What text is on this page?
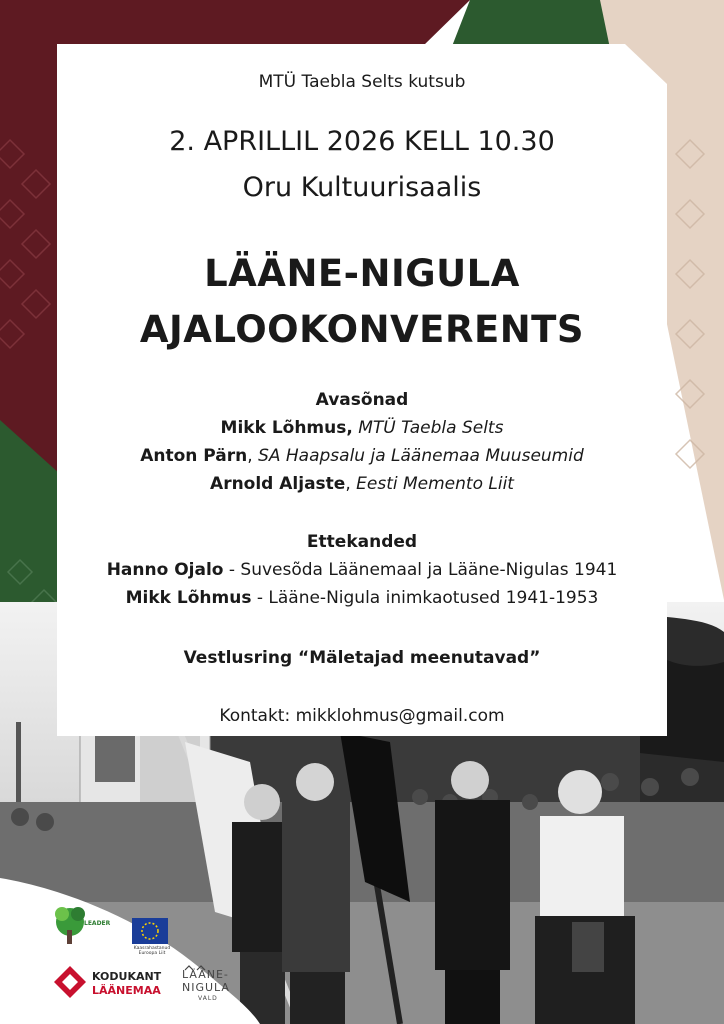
MTÜ Taebla Selts kutsub

2. APRILLIL 2026 KELL 10.30

Oru Kultuurisaalis

LÄÄNE-NIGULA
AJALOOKONVERENTS

Avasõnad

Mikk Lõhmus, MTÜ Taebla Selts

Anton Pärn, SA Haapsalu ja Läänemaa Muuseumid

Arnold Aljaste, Eesti Memento Liit

Ettekanded

Hanno Ojalo - Suvesõda Läänemaal ja Lääne-Nigulas 1941

Mikk Lõhmus - Lääne-Nigula inimkaotused 1941-1953

Vestlusring “Mäletajad meenutavad”

Kontakt: mikklohmus@gmail.com

LEADER

Kaasrahastanud Euroopa Liit

KODUKANT

LÄÄNEMAA

LÄÄNE-

NIGULA

VALD
